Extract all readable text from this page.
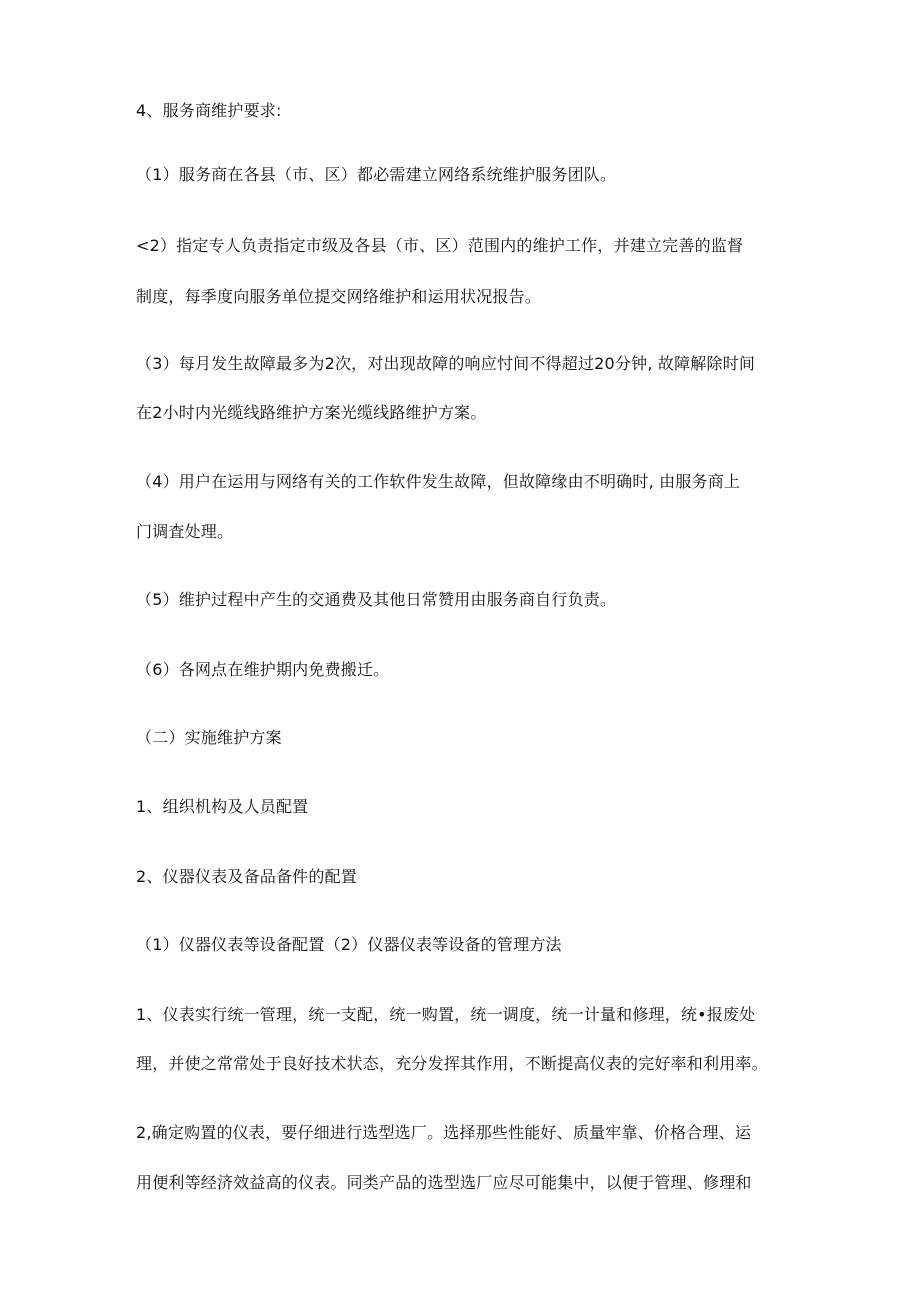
4、服务商维护要求:

（1）服务商在各县（市、区）都必需建立网络系统维护服务团队。

<2）指定专人负责指定市级及各县（市、区）范围内的维护工作，并建立完善的监督

制度，每季度向服务单位提交网络维护和运用状况报告。

（3）每月发生故障最多为2次，对出现故障的响应忖间不得超过20分钟, 故障解除时间

在2小时内光缆线路维护方案光缆线路维护方案。

（4）用户在运用与网络有关的工作软件发生故障，但故障缘由不明确时, 由服务商上

门调査处理。

（5）维护过程中产生的交通费及其他日常赞用由服务商自行负责。

（6）各网点在维护期内免费搬迁。

（二）实施维护方案

1、组织机构及人员配置

2、仪器仪表及备品备件的配置

（1）仪器仪表等设备配置（2）仪器仪表等设备的管理方法

1、仪表实行统一管理，统一支配，统一购置，统一调度，统一计量和修理，统•报废处

理，并使之常常处于良好技术状态，充分发挥其作用，不断提高仪表的完好率和利用率。

2,确定购置的仪表，要仔细进行选型选厂。选择那些性能好、质量牢靠、价格合理、运

用便利等经济效益高的仪表。同类产品的选型选厂应尽可能集中，以便于管理、修理和
